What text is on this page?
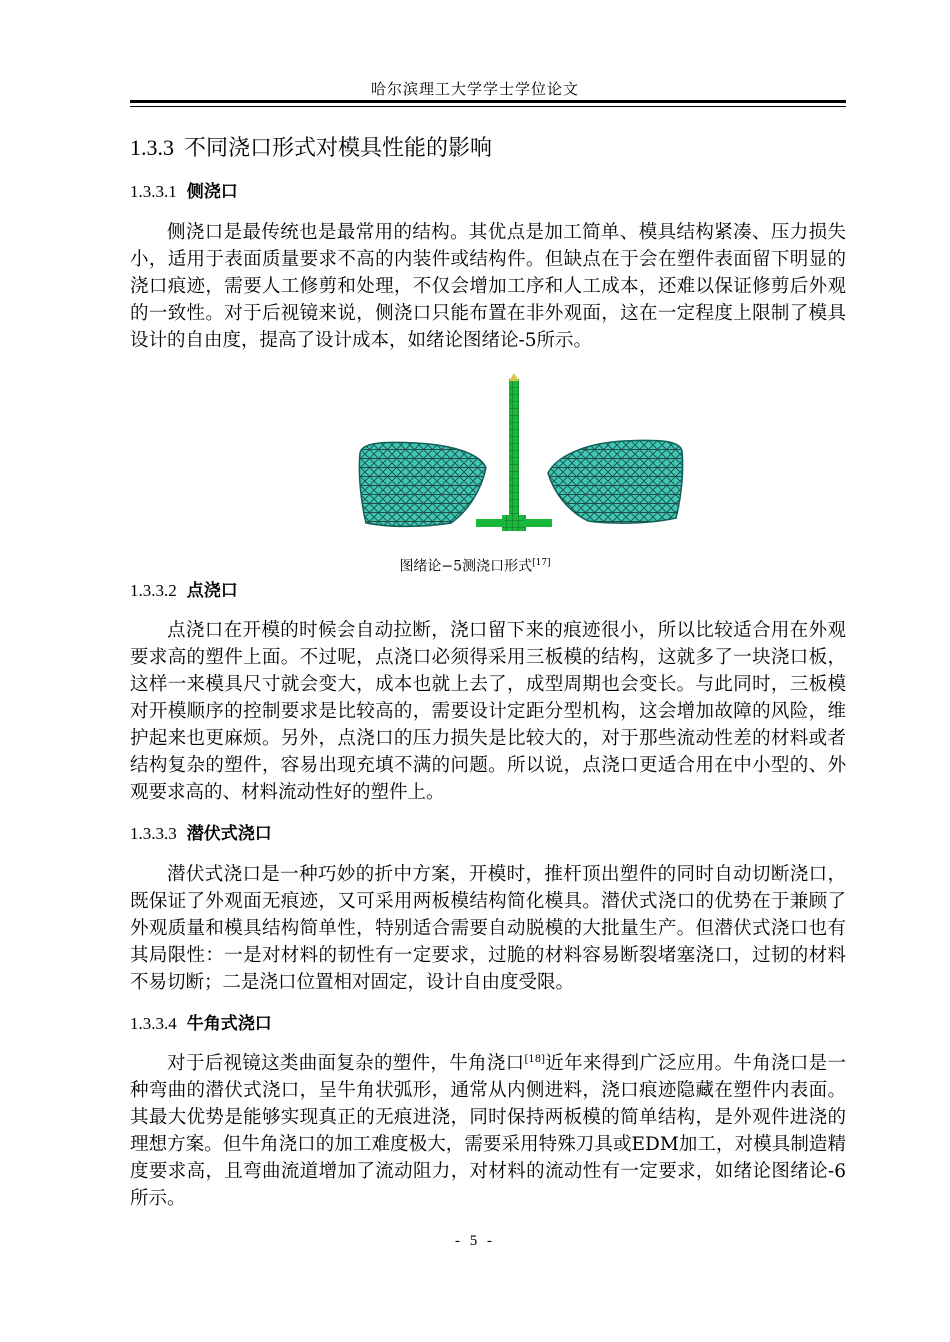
哈尔滨理工大学学士学位论文
1.3.3 不同浇口形式对模具性能的影响
1.3.3.1 侧浇口

侧浇口是最传统也是最常用的结构。其优点是加工简单、模具结构紧凑、压力损失小，适用于表面质量要求不高的内装件或结构件。但缺点在于会在塑件表面留下明显的浇口痕迹，需要人工修剪和处理，不仅会增加工序和人工成本，还难以保证修剪后外观的一致性。对于后视镜来说，侧浇口只能布置在非外观面，这在一定程度上限制了模具设计的自由度，提高了设计成本，如绪论图绪论-5所示。

图绪论−5测浇口形式[17]
1.3.3.2 点浇口

点浇口在开模的时候会自动拉断，浇口留下来的痕迹很小，所以比较适合用在外观要求高的塑件上面。不过呢，点浇口必须得采用三板模的结构，这就多了一块浇口板，这样一来模具尺寸就会变大，成本也就上去了，成型周期也会变长。与此同时，三板模对开模顺序的控制要求是比较高的，需要设计定距分型机构，这会增加故障的风险，维护起来也更麻烦。另外，点浇口的压力损失是比较大的，对于那些流动性差的材料或者结构复杂的塑件，容易出现充填不满的问题。所以说，点浇口更适合用在中小型的、外观要求高的、材料流动性好的塑件上。

1.3.3.3 潜伏式浇口

潜伏式浇口是一种巧妙的折中方案，开模时，推杆顶出塑件的同时自动切断浇口，既保证了外观面无痕迹，又可采用两板模结构简化模具。潜伏式浇口的优势在于兼顾了外观质量和模具结构简单性，特别适合需要自动脱模的大批量生产。但潜伏式浇口也有其局限性：一是对材料的韧性有一定要求，过脆的材料容易断裂堵塞浇口，过韧的材料不易切断；二是浇口位置相对固定，设计自由度受限。

1.3.3.4 牛角式浇口

对于后视镜这类曲面复杂的塑件，牛角浇口[18]近年来得到广泛应用。牛角浇口是一种弯曲的潜伏式浇口，呈牛角状弧形，通常从内侧进料，浇口痕迹隐藏在塑件内表面。其最大优势是能够实现真正的无痕进浇，同时保持两板模的简单结构，是外观件进浇的理想方案。但牛角浇口的加工难度极大，需要采用特殊刀具或EDM加工，对模具制造精度要求高，且弯曲流道增加了流动阻力，对材料的流动性有一定要求，如绪论图绪论-6所示。

- 5 -
